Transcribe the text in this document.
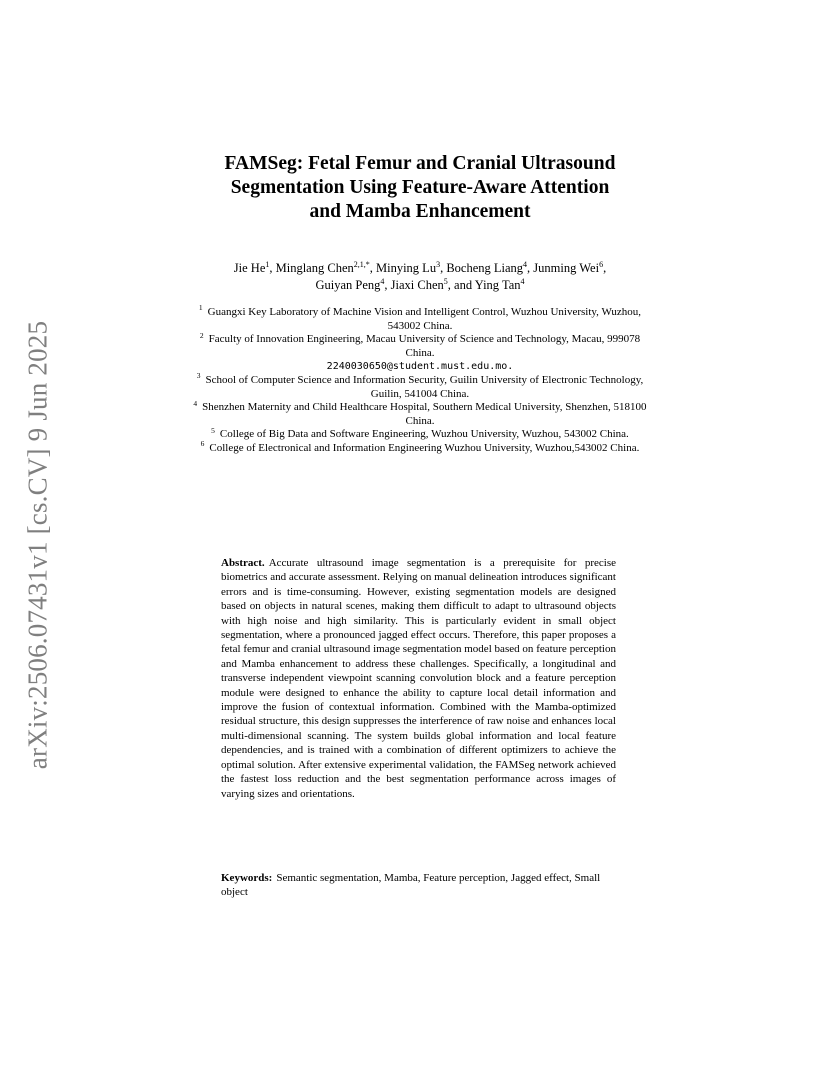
arXiv:2506.07431v1 [cs.CV] 9 Jun 2025
FAMSeg: Fetal Femur and Cranial Ultrasound
Segmentation Using Feature-Aware Attention
and Mamba Enhancement
Jie He$^1$, Minglang Chen$^{2,1,*}$, Minying Lu$^3$, Bocheng Liang$^4$, Junming Wei$^6$,
Guiyan Peng$^4$, Jiaxi Chen$^5$, and Ying Tan$^4$

$^1$ Guangxi Key Laboratory of Machine Vision and Intelligent Control, Wuzhou University, Wuzhou, 543002 China.

$^2$ Faculty of Innovation Engineering, Macau University of Science and Technology, Macau, 999078 China.

2240030650@student.must.edu.mo.

$^3$ School of Computer Science and Information Security, Guilin University of Electronic Technology, Guilin, 541004 China.

$^4$ Shenzhen Maternity and Child Healthcare Hospital, Southern Medical University, Shenzhen, 518100 China.

$^5$ College of Big Data and Software Engineering, Wuzhou University, Wuzhou, 543002 China.

$^6$ College of Electronical and Information Engineering Wuzhou University, Wuzhou,543002 China.

Abstract. Accurate ultrasound image segmentation is a prerequisite for precise biometrics and accurate assessment. Relying on manual delineation introduces significant errors and is time-consuming. However, existing segmentation models are designed based on objects in natural scenes, making them difficult to adapt to ultrasound objects with high noise and high similarity. This is particularly evident in small object segmentation, where a pronounced jagged effect occurs. Therefore, this paper proposes a fetal femur and cranial ultrasound image segmentation model based on feature perception and Mamba enhancement to address these challenges. Specifically, a longitudinal and transverse independent viewpoint scanning convolution block and a feature perception module were designed to enhance the ability to capture local detail information and improve the fusion of contextual information. Combined with the Mamba-optimized residual structure, this design suppresses the interference of raw noise and enhances local multi-dimensional scanning. The system builds global information and local feature dependencies, and is trained with a combination of different optimizers to achieve the optimal solution. After extensive experimental validation, the FAMSeg network achieved the fastest loss reduction and the best segmentation performance across images of varying sizes and orientations.
Keywords: Semantic segmentation, Mamba, Feature perception, Jagged effect, Small object
